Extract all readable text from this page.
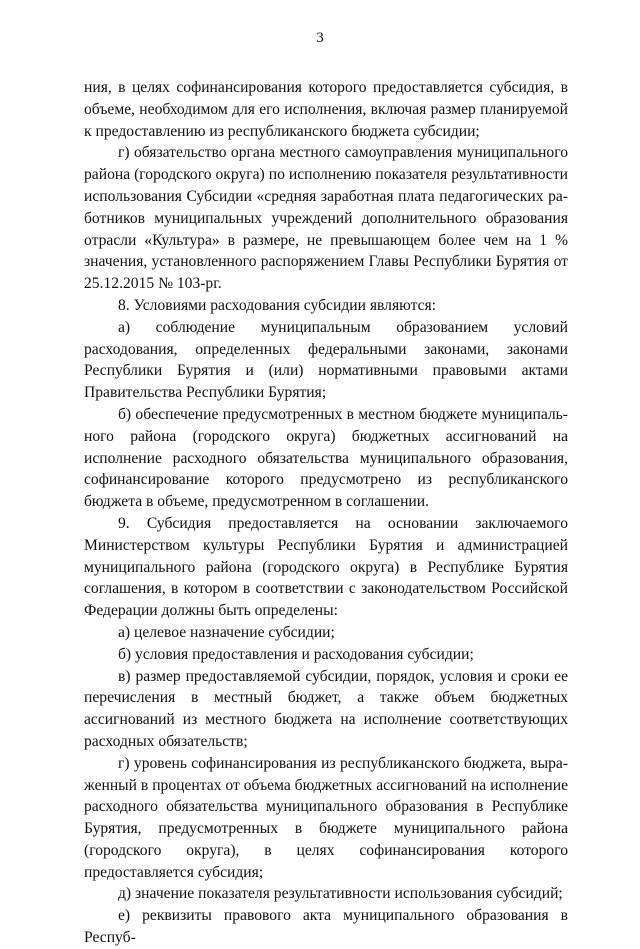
3

ния, в целях софинансирования которого предоставляется субсидия, в объеме, необходимом для его исполнения, включая размер планируемой к предоставлению из республиканского бюджета субсидии;

г) обязательство органа местного самоуправления муниципального района (городского округа) по исполнению показателя результативности использования Субсидии «средняя заработная плата педагогических работников муниципальных учреждений дополнительного образования отрасли «Культура» в размере, не превышающем более чем на 1 % значения, установленного распоряжением Главы Республики Бурятия от 25.12.2015 № 103-рг.

8. Условиями расходования субсидии являются:

а) соблюдение муниципальным образованием условий расходования, определенных федеральными законами, законами Республики Бурятия и (или) нормативными правовыми актами Правительства Республики Бурятия;

б) обеспечение предусмотренных в местном бюджете муниципального района (городского округа) бюджетных ассигнований на исполнение расходного обязательства муниципального образования, софинансирование которого предусмотрено из республиканского бюджета в объеме, предусмотренном в соглашении.

9. Субсидия предоставляется на основании заключаемого Министерством культуры Республики Бурятия и администрацией муниципального района (городского округа) в Республике Бурятия соглашения, в котором в соответствии с законодательством Российской Федерации должны быть определены:

а) целевое назначение субсидии;

б) условия предоставления и расходования субсидии;

в) размер предоставляемой субсидии, порядок, условия и сроки ее перечисления в местный бюджет, а также объем бюджетных ассигнований из местного бюджета на исполнение соответствующих расходных обязательств;

г) уровень софинансирования из республиканского бюджета, выраженный в процентах от объема бюджетных ассигнований на исполнение расходного обязательства муниципального образования в Республике Бурятия, предусмотренных в бюджете муниципального района (городского округа), в целях софинансирования которого предоставляется субсидия;

д) значение показателя результативности использования субсидий;

е) реквизиты правового акта муниципального образования в Респуб-
